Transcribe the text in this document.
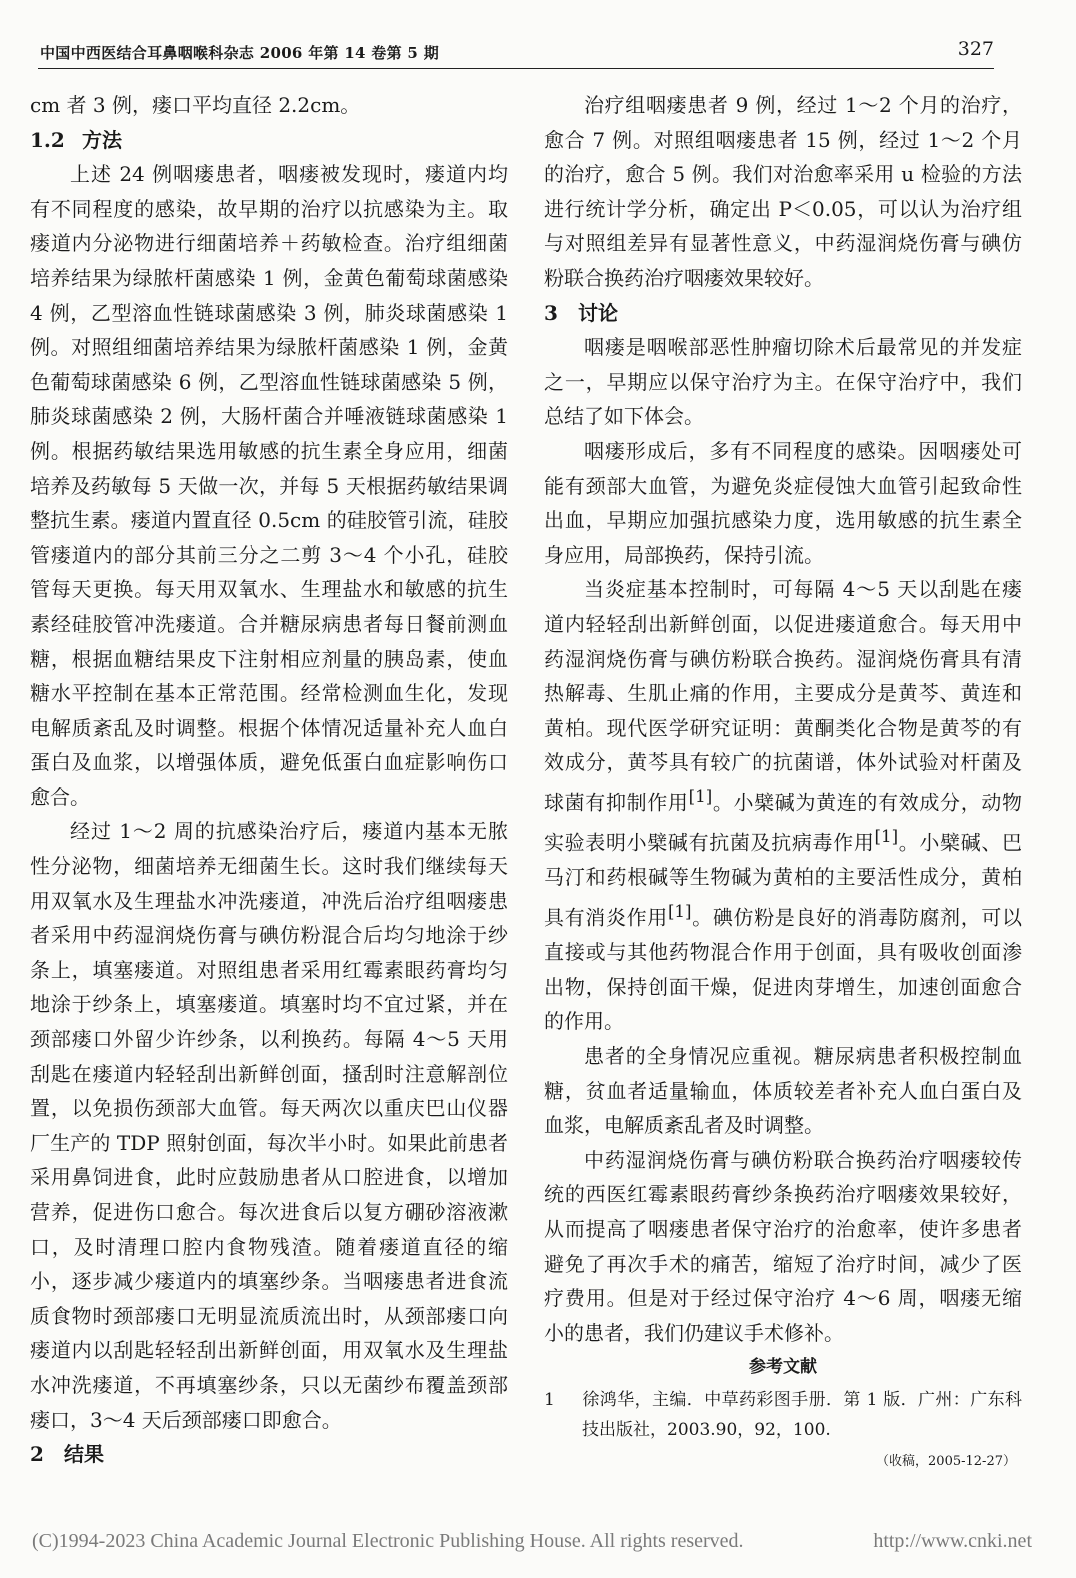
中国中西医结合耳鼻咽喉科杂志 2006 年第 14 卷第 5 期	327

cm 者 3 例，瘘口平均直径 2.2cm。

1.2 方法

上述 24 例咽瘘患者，咽瘘被发现时，瘘道内均有不同程度的感染，故早期的治疗以抗感染为主。取瘘道内分泌物进行细菌培养＋药敏检查。治疗组细菌培养结果为绿脓杆菌感染 1 例，金黄色葡萄球菌感染 4 例，乙型溶血性链球菌感染 3 例，肺炎球菌感染 1 例。对照组细菌培养结果为绿脓杆菌感染 1 例，金黄色葡萄球菌感染 6 例，乙型溶血性链球菌感染 5 例，肺炎球菌感染 2 例，大肠杆菌合并唾液链球菌感染 1 例。根据药敏结果选用敏感的抗生素全身应用，细菌培养及药敏每 5 天做一次，并每 5 天根据药敏结果调整抗生素。瘘道内置直径 0.5cm 的硅胶管引流，硅胶管瘘道内的部分其前三分之二剪 3～4 个小孔，硅胶管每天更换。每天用双氧水、生理盐水和敏感的抗生素经硅胶管冲洗瘘道。合并糖尿病患者每日餐前测血糖，根据血糖结果皮下注射相应剂量的胰岛素，使血糖水平控制在基本正常范围。经常检测血生化，发现电解质紊乱及时调整。根据个体情况适量补充人血白蛋白及血浆，以增强体质，避免低蛋白血症影响伤口愈合。

经过 1～2 周的抗感染治疗后，瘘道内基本无脓性分泌物，细菌培养无细菌生长。这时我们继续每天用双氧水及生理盐水冲洗瘘道，冲洗后治疗组咽瘘患者采用中药湿润烧伤膏与碘仿粉混合后均匀地涂于纱条上，填塞瘘道。对照组患者采用红霉素眼药膏均匀地涂于纱条上，填塞瘘道。填塞时均不宜过紧，并在颈部瘘口外留少许纱条，以利换药。每隔 4～5 天用刮匙在瘘道内轻轻刮出新鲜创面，搔刮时注意解剖位置，以免损伤颈部大血管。每天两次以重庆巴山仪器厂生产的 TDP 照射创面，每次半小时。如果此前患者采用鼻饲进食，此时应鼓励患者从口腔进食，以增加营养，促进伤口愈合。每次进食后以复方硼砂溶液漱口，及时清理口腔内食物残渣。随着瘘道直径的缩小，逐步减少瘘道内的填塞纱条。当咽瘘患者进食流质食物时颈部瘘口无明显流质流出时，从颈部瘘口向瘘道内以刮匙轻轻刮出新鲜创面，用双氧水及生理盐水冲洗瘘道，不再填塞纱条，只以无菌纱布覆盖颈部瘘口，3～4 天后颈部瘘口即愈合。

2 结果

治疗组咽瘘患者 9 例，经过 1～2 个月的治疗，愈合 7 例。对照组咽瘘患者 15 例，经过 1～2 个月的治疗，愈合 5 例。我们对治愈率采用 u 检验的方法进行统计学分析，确定出 P＜0.05，可以认为治疗组与对照组差异有显著性意义，中药湿润烧伤膏与碘仿粉联合换药治疗咽瘘效果较好。

3 讨论

咽瘘是咽喉部恶性肿瘤切除术后最常见的并发症之一，早期应以保守治疗为主。在保守治疗中，我们总结了如下体会。

咽瘘形成后，多有不同程度的感染。因咽瘘处可能有颈部大血管，为避免炎症侵蚀大血管引起致命性出血，早期应加强抗感染力度，选用敏感的抗生素全身应用，局部换药，保持引流。

当炎症基本控制时，可每隔 4～5 天以刮匙在瘘道内轻轻刮出新鲜创面，以促进瘘道愈合。每天用中药湿润烧伤膏与碘仿粉联合换药。湿润烧伤膏具有清热解毒、生肌止痛的作用，主要成分是黄芩、黄连和黄柏。现代医学研究证明：黄酮类化合物是黄芩的有效成分，黄芩具有较广的抗菌谱，体外试验对杆菌及球菌有抑制作用[1]。小檗碱为黄连的有效成分，动物实验表明小檗碱有抗菌及抗病毒作用[1]。小檗碱、巴马汀和药根碱等生物碱为黄柏的主要活性成分，黄柏具有消炎作用[1]。碘仿粉是良好的消毒防腐剂，可以直接或与其他药物混合作用于创面，具有吸收创面渗出物，保持创面干燥，促进肉芽增生，加速创面愈合的作用。

患者的全身情况应重视。糖尿病患者积极控制血糖，贫血者适量输血，体质较差者补充人血白蛋白及血浆，电解质紊乱者及时调整。

中药湿润烧伤膏与碘仿粉联合换药治疗咽瘘较传统的西医红霉素眼药膏纱条换药治疗咽瘘效果较好，从而提高了咽瘘患者保守治疗的治愈率，使许多患者避免了再次手术的痛苦，缩短了治疗时间，减少了医疗费用。但是对于经过保守治疗 4～6 周，咽瘘无缩小的患者，我们仍建议手术修补。

参考文献

1 徐鸿华，主编．中草药彩图手册．第 1 版．广州：广东科技出版社，2003.90，92，100.

（收稿，2005-12-27）

(C)1994-2023 China Academic Journal Electronic Publishing House. All rights reserved.	http://www.cnki.net
